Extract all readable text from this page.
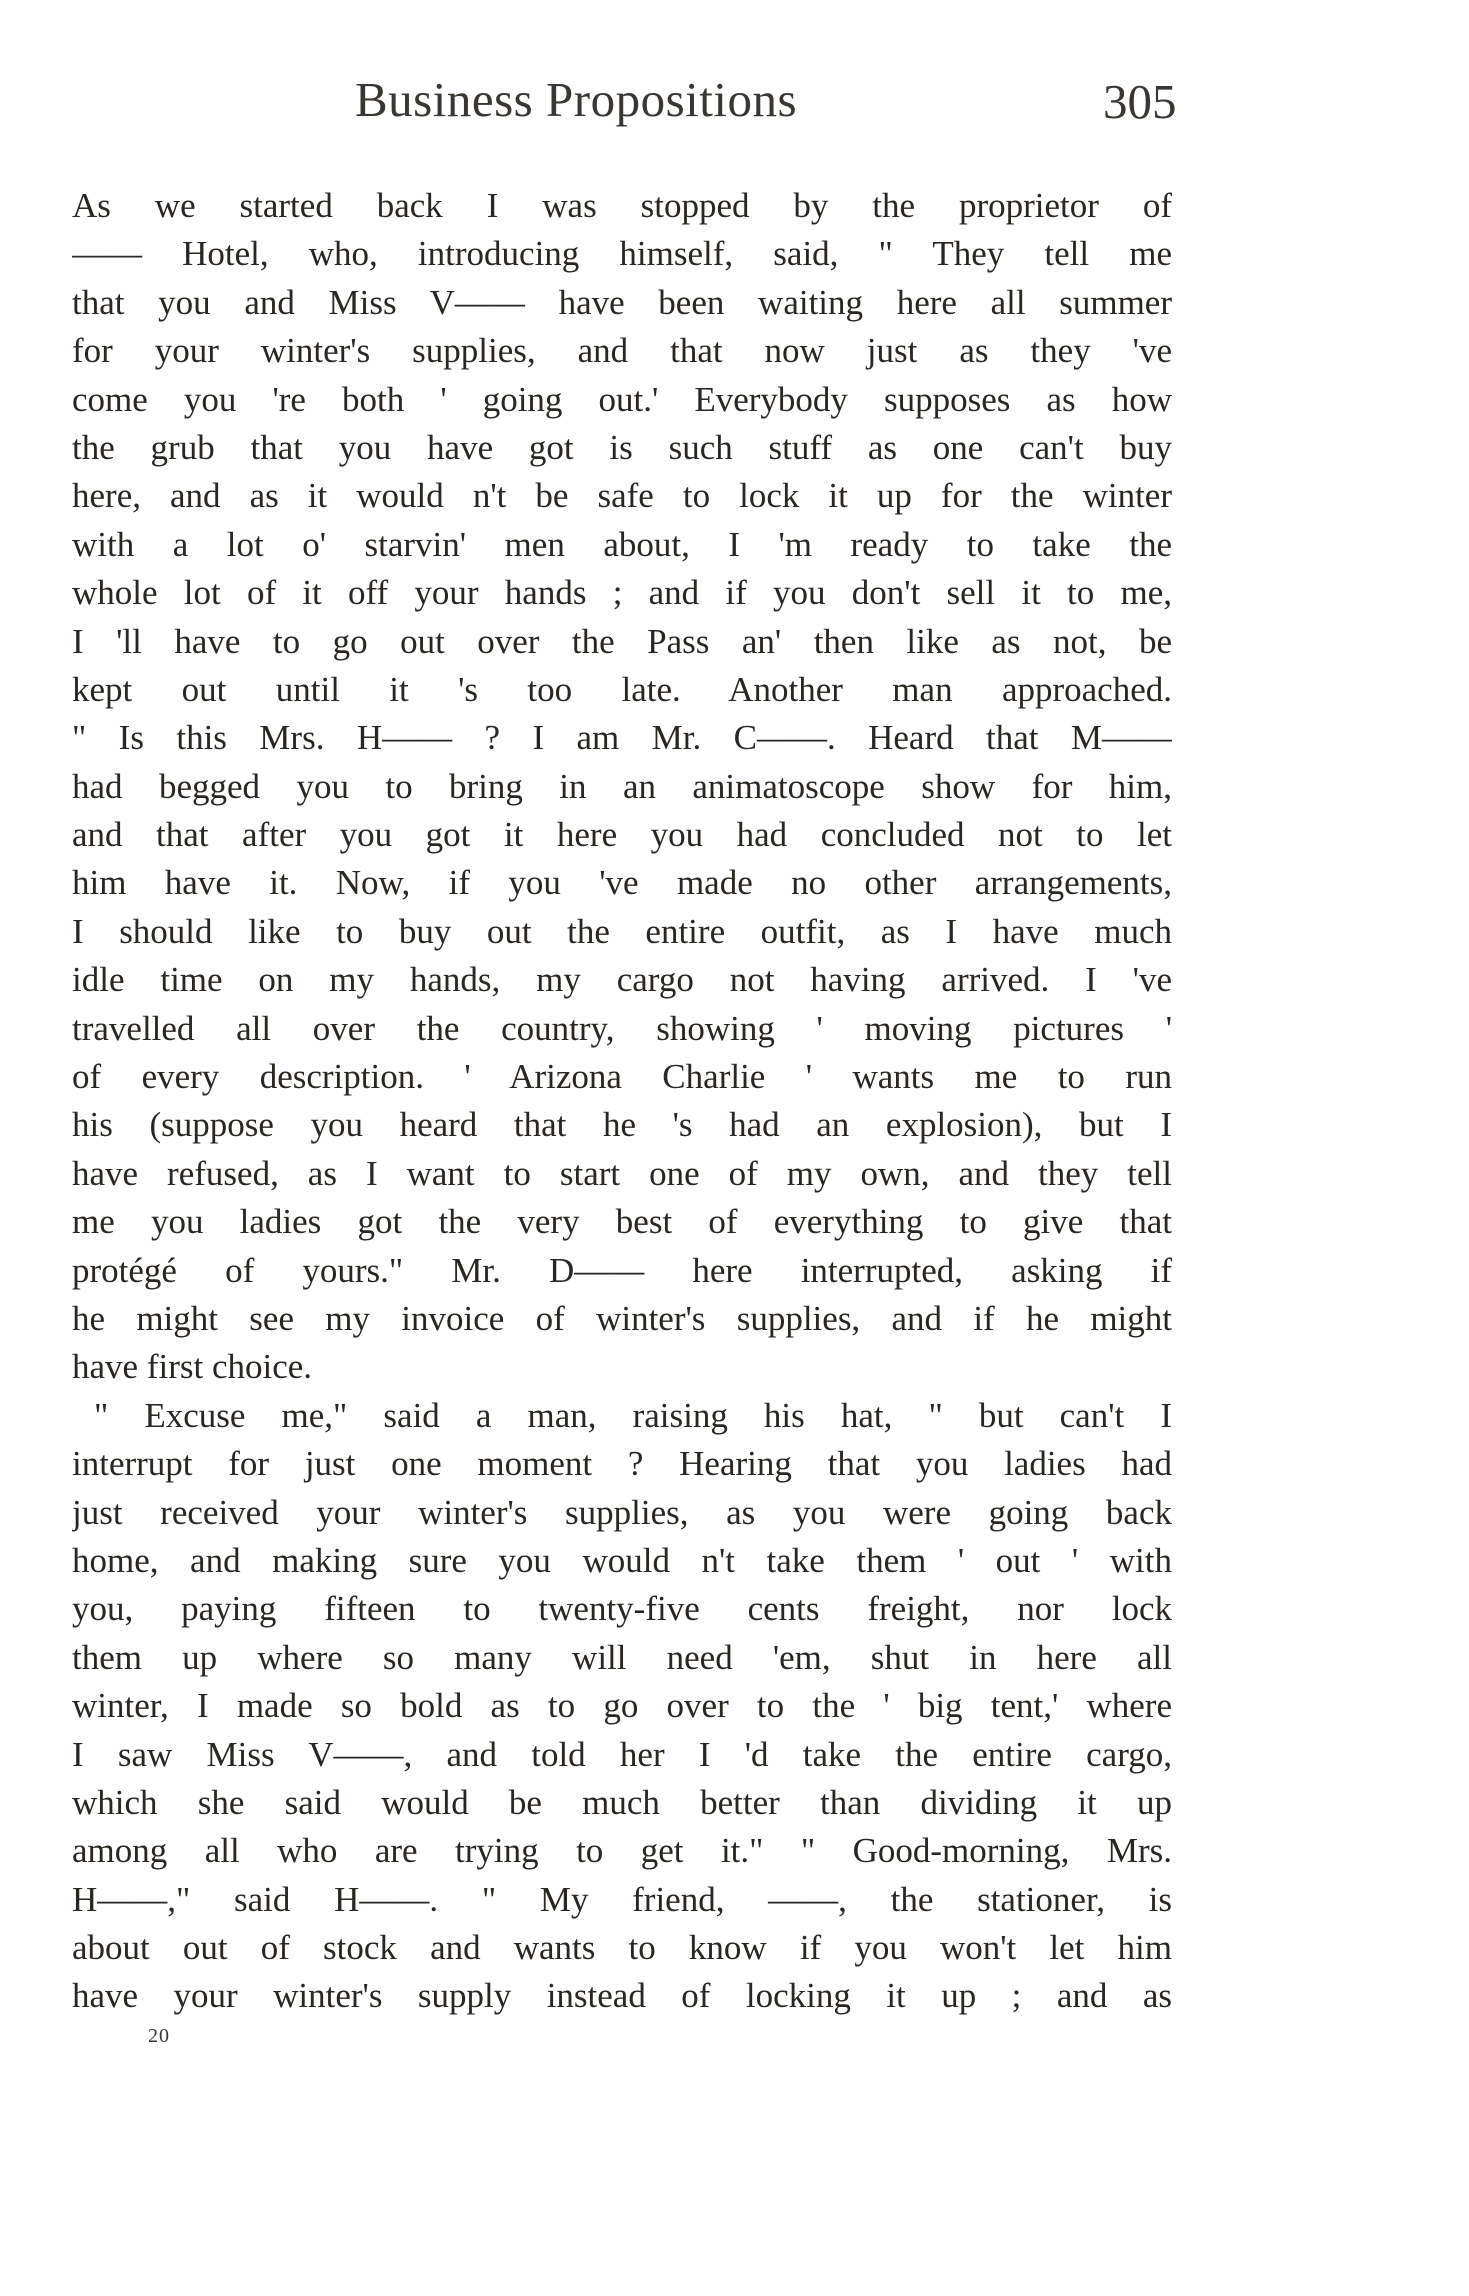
Business Propositions	305
As we started back I was stopped by the proprietor of
—— Hotel, who, introducing himself, said, " They tell me
that you and Miss V—— have been waiting here all summer
for your winter's supplies, and that now just as they 've
come you 're both ' going out.' Everybody supposes as how
the grub that you have got is such stuff as one can't buy
here, and as it would n't be safe to lock it up for the winter
with a lot o' starvin' men about, I 'm ready to take the
whole lot of it off your hands ; and if you don't sell it to me,
I 'll have to go out over the Pass an' then like as not, be
kept out until it 's too late. Another man approached.
" Is this Mrs. H—— ? I am Mr. C——. Heard that M——
had begged you to bring in an animatoscope show for him,
and that after you got it here you had concluded not to let
him have it. Now, if you 've made no other arrangements,
I should like to buy out the entire outfit, as I have much
idle time on my hands, my cargo not having arrived. I 've
travelled all over the country, showing ' moving pictures '
of every description. ' Arizona Charlie ' wants me to run
his (suppose you heard that he 's had an explosion), but I
have refused, as I want to start one of my own, and they tell
me you ladies got the very best of everything to give that
protégé of yours." Mr. D—— here interrupted, asking if
he might see my invoice of winter's supplies, and if he might
have first choice.
" Excuse me," said a man, raising his hat, " but can't I
interrupt for just one moment ? Hearing that you ladies had
just received your winter's supplies, as you were going back
home, and making sure you would n't take them ' out ' with
you, paying fifteen to twenty-five cents freight, nor lock
them up where so many will need 'em, shut in here all
winter, I made so bold as to go over to the ' big tent,' where
I saw Miss V——, and told her I 'd take the entire cargo,
which she said would be much better than dividing it up
among all who are trying to get it." " Good-morning, Mrs.
H——," said H——. " My friend, ——, the stationer, is
about out of stock and wants to know if you won't let him
have your winter's supply instead of locking it up ; and as
20
